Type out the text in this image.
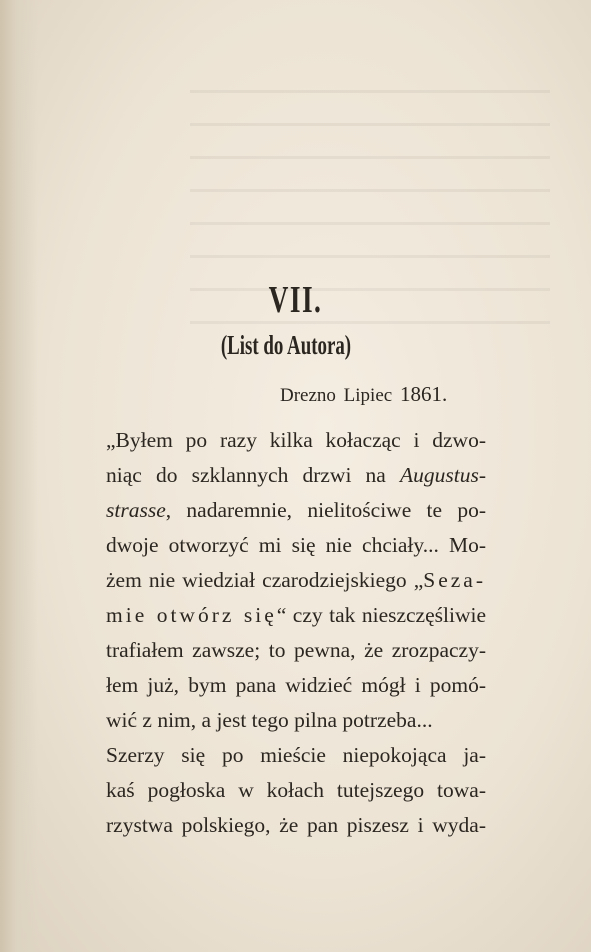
VII.
(List do Autora)
Drezno Lipiec 1861.
„Byłem po razy kilka kołacząc i dzwo-
niąc do szklannych drzwi na Augustus-
strasse, nadaremnie, nielitościwe te po-
dwoje otworzyć mi się nie chciały... Mo-
żem nie wiedział czarodziejskiego „Seza-
mie otwórz się“ czy tak nieszczęśliwie
trafiałem zawsze; to pewna, że zrozpaczy-
łem już, bym pana widzieć mógł i pomó-
wić z nim, a jest tego pilna potrzeba...
Szerzy się po mieście niepokojąca ja-
kaś pogłoska w kołach tutejszego towa-
rzystwa polskiego, że pan piszesz i wyda-
